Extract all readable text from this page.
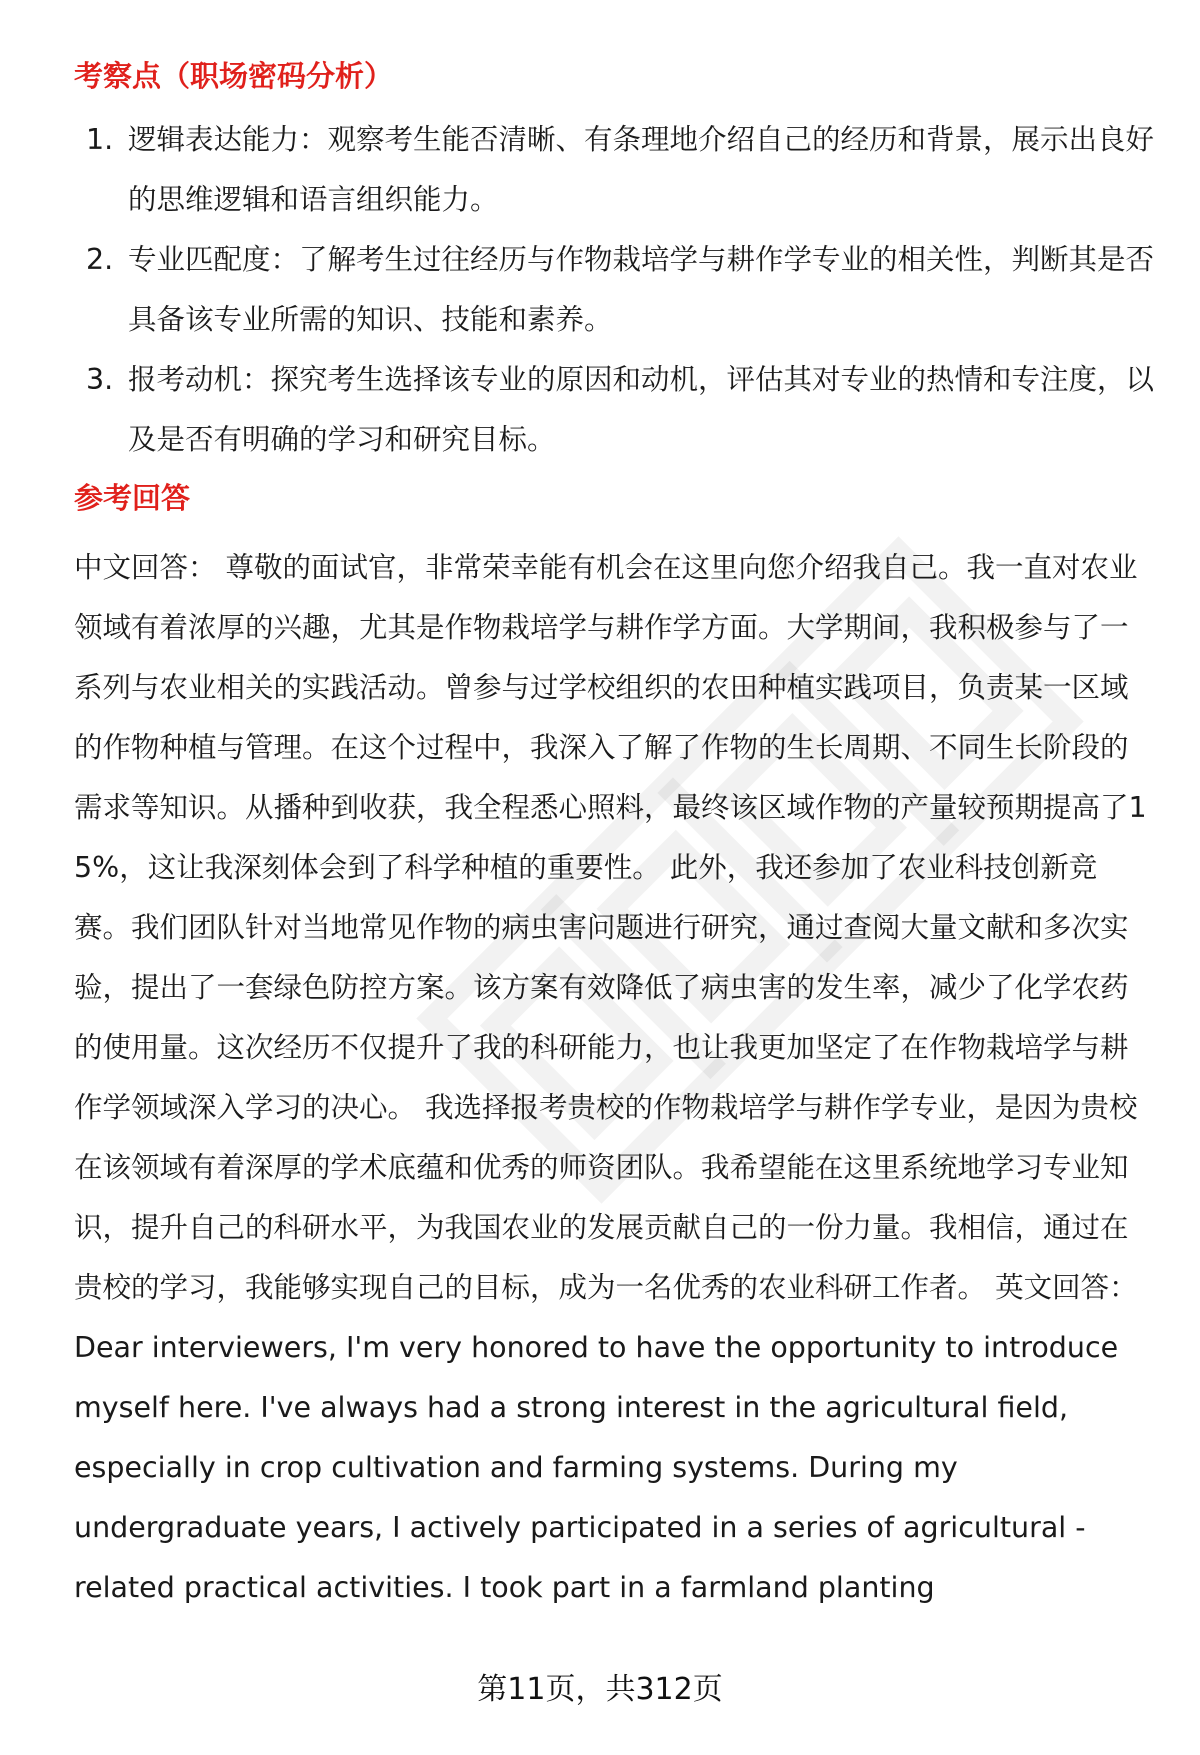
考察点（职场密码分析）
1. 逻辑表达能力：观察考生能否清晰、有条理地介绍自己的经历和背景，展示出良好的思维逻辑和语言组织能力。
2. 专业匹配度：了解考生过往经历与作物栽培学与耕作学专业的相关性，判断其是否具备该专业所需的知识、技能和素养。
3. 报考动机：探究考生选择该专业的原因和动机，评估其对专业的热情和专注度，以及是否有明确的学习和研究目标。
参考回答

中文回答： 尊敬的面试官，非常荣幸能有机会在这里向您介绍我自己。我一直对农业领域有着浓厚的兴趣，尤其是作物栽培学与耕作学方面。大学期间，我积极参与了一系列与农业相关的实践活动。曾参与过学校组织的农田种植实践项目，负责某一区域的作物种植与管理。在这个过程中，我深入了解了作物的生长周期、不同生长阶段的需求等知识。从播种到收获，我全程悉心照料，最终该区域作物的产量较预期提高了15%，这让我深刻体会到了科学种植的重要性。 此外，我还参加了农业科技创新竞赛。我们团队针对当地常见作物的病虫害问题进行研究，通过查阅大量文献和多次实验，提出了一套绿色防控方案。该方案有效降低了病虫害的发生率，减少了化学农药的使用量。这次经历不仅提升了我的科研能力，也让我更加坚定了在作物栽培学与耕作学领域深入学习的决心。 我选择报考贵校的作物栽培学与耕作学专业，是因为贵校在该领域有着深厚的学术底蕴和优秀的师资团队。我希望能在这里系统地学习专业知识，提升自己的科研水平，为我国农业的发展贡献自己的一份力量。我相信，通过在贵校的学习，我能够实现自己的目标，成为一名优秀的农业科研工作者。 英文回答： Dear interviewers, I'm very honored to have the opportunity to introduce myself here. I've always had a strong interest in the agricultural field, especially in crop cultivation and farming systems. During my undergraduate years, I actively participated in a series of agricultural - related practical activities. I took part in a farmland planting

第11页，共312页
